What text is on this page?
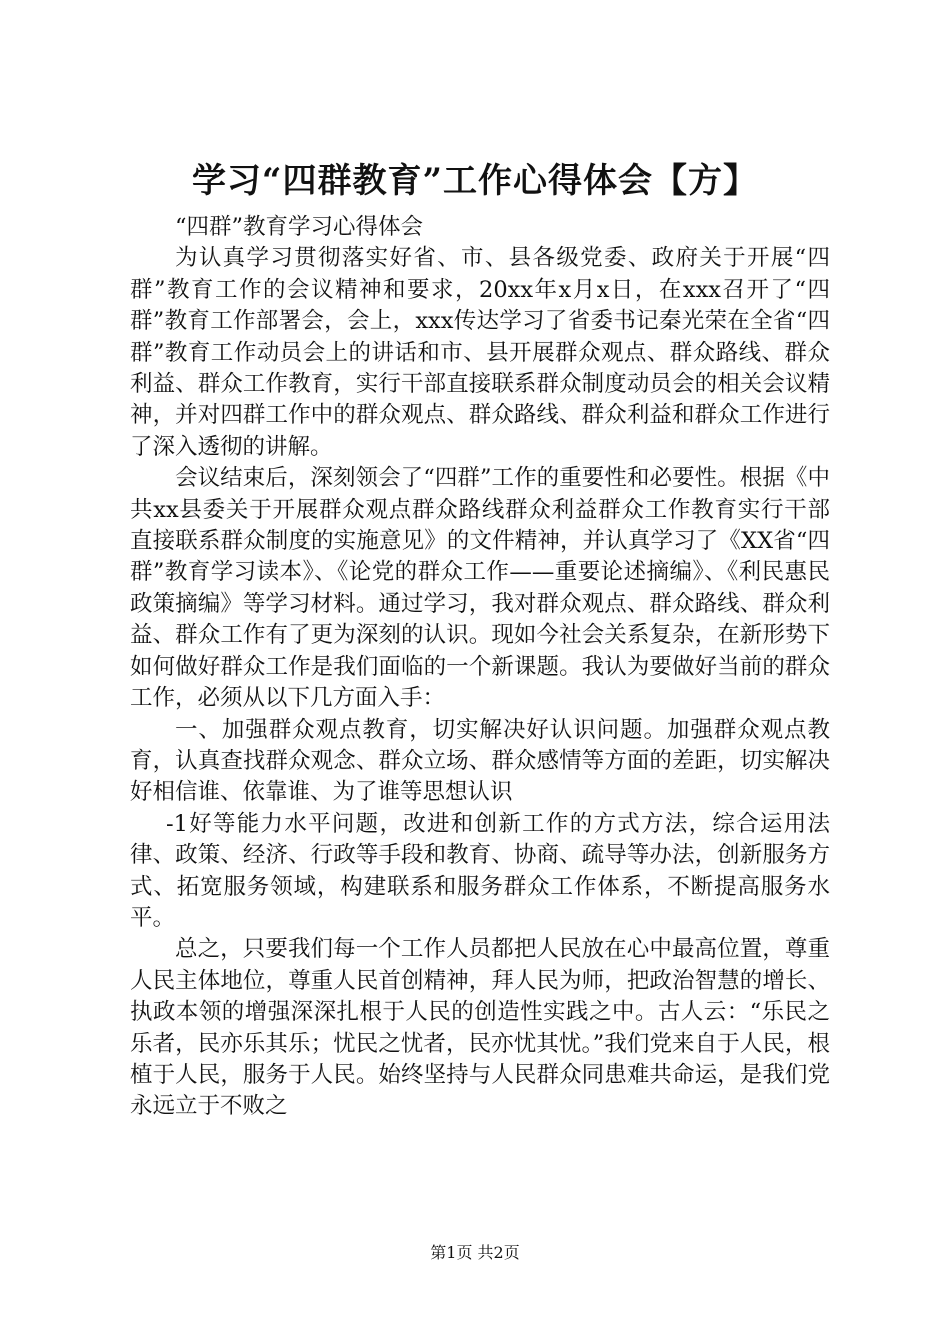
学习“四群教育”工作心得体会【方】

“四群”教育学习心得体会

为认真学习贯彻落实好省、市、县各级党委、政府关于开展“四群”教育工作的会议精神和要求，20xx年x月x日，在xxx召开了“四群”教育工作部署会，会上，xxx传达学习了省委书记秦光荣在全省“四群”教育工作动员会上的讲话和市、县开展群众观点、群众路线、群众利益、群众工作教育，实行干部直接联系群众制度动员会的相关会议精神，并对四群工作中的群众观点、群众路线、群众利益和群众工作进行了深入透彻的讲解。

会议结束后，深刻领会了“四群”工作的重要性和必要性。根据《中共xx县委关于开展群众观点群众路线群众利益群众工作教育实行干部直接联系群众制度的实施意见》的文件精神，并认真学习了《XX省“四群”教育学习读本》、《论党的群众工作——重要论述摘编》、《利民惠民政策摘编》等学习材料。通过学习，我对群众观点、群众路线、群众利益、群众工作有了更为深刻的认识。现如今社会关系复杂，在新形势下如何做好群众工作是我们面临的一个新课题。我认为要做好当前的群众工作，必须从以下几方面入手：

一、加强群众观点教育，切实解决好认识问题。加强群众观点教育，认真查找群众观念、群众立场、群众感情等方面的差距，切实解决好相信谁、依靠谁、为了谁等思想认识

-1好等能力水平问题，改进和创新工作的方式方法，综合运用法律、政策、经济、行政等手段和教育、协商、疏导等办法，创新服务方式、拓宽服务领域，构建联系和服务群众工作体系，不断提高服务水平。

总之，只要我们每一个工作人员都把人民放在心中最高位置，尊重人民主体地位，尊重人民首创精神，拜人民为师，把政治智慧的增长、执政本领的增强深深扎根于人民的创造性实践之中。古人云：“乐民之乐者，民亦乐其乐；忧民之忧者，民亦忧其忧。”我们党来自于人民，根植于人民，服务于人民。始终坚持与人民群众同患难共命运，是我们党永远立于不败之

第1页 共2页
